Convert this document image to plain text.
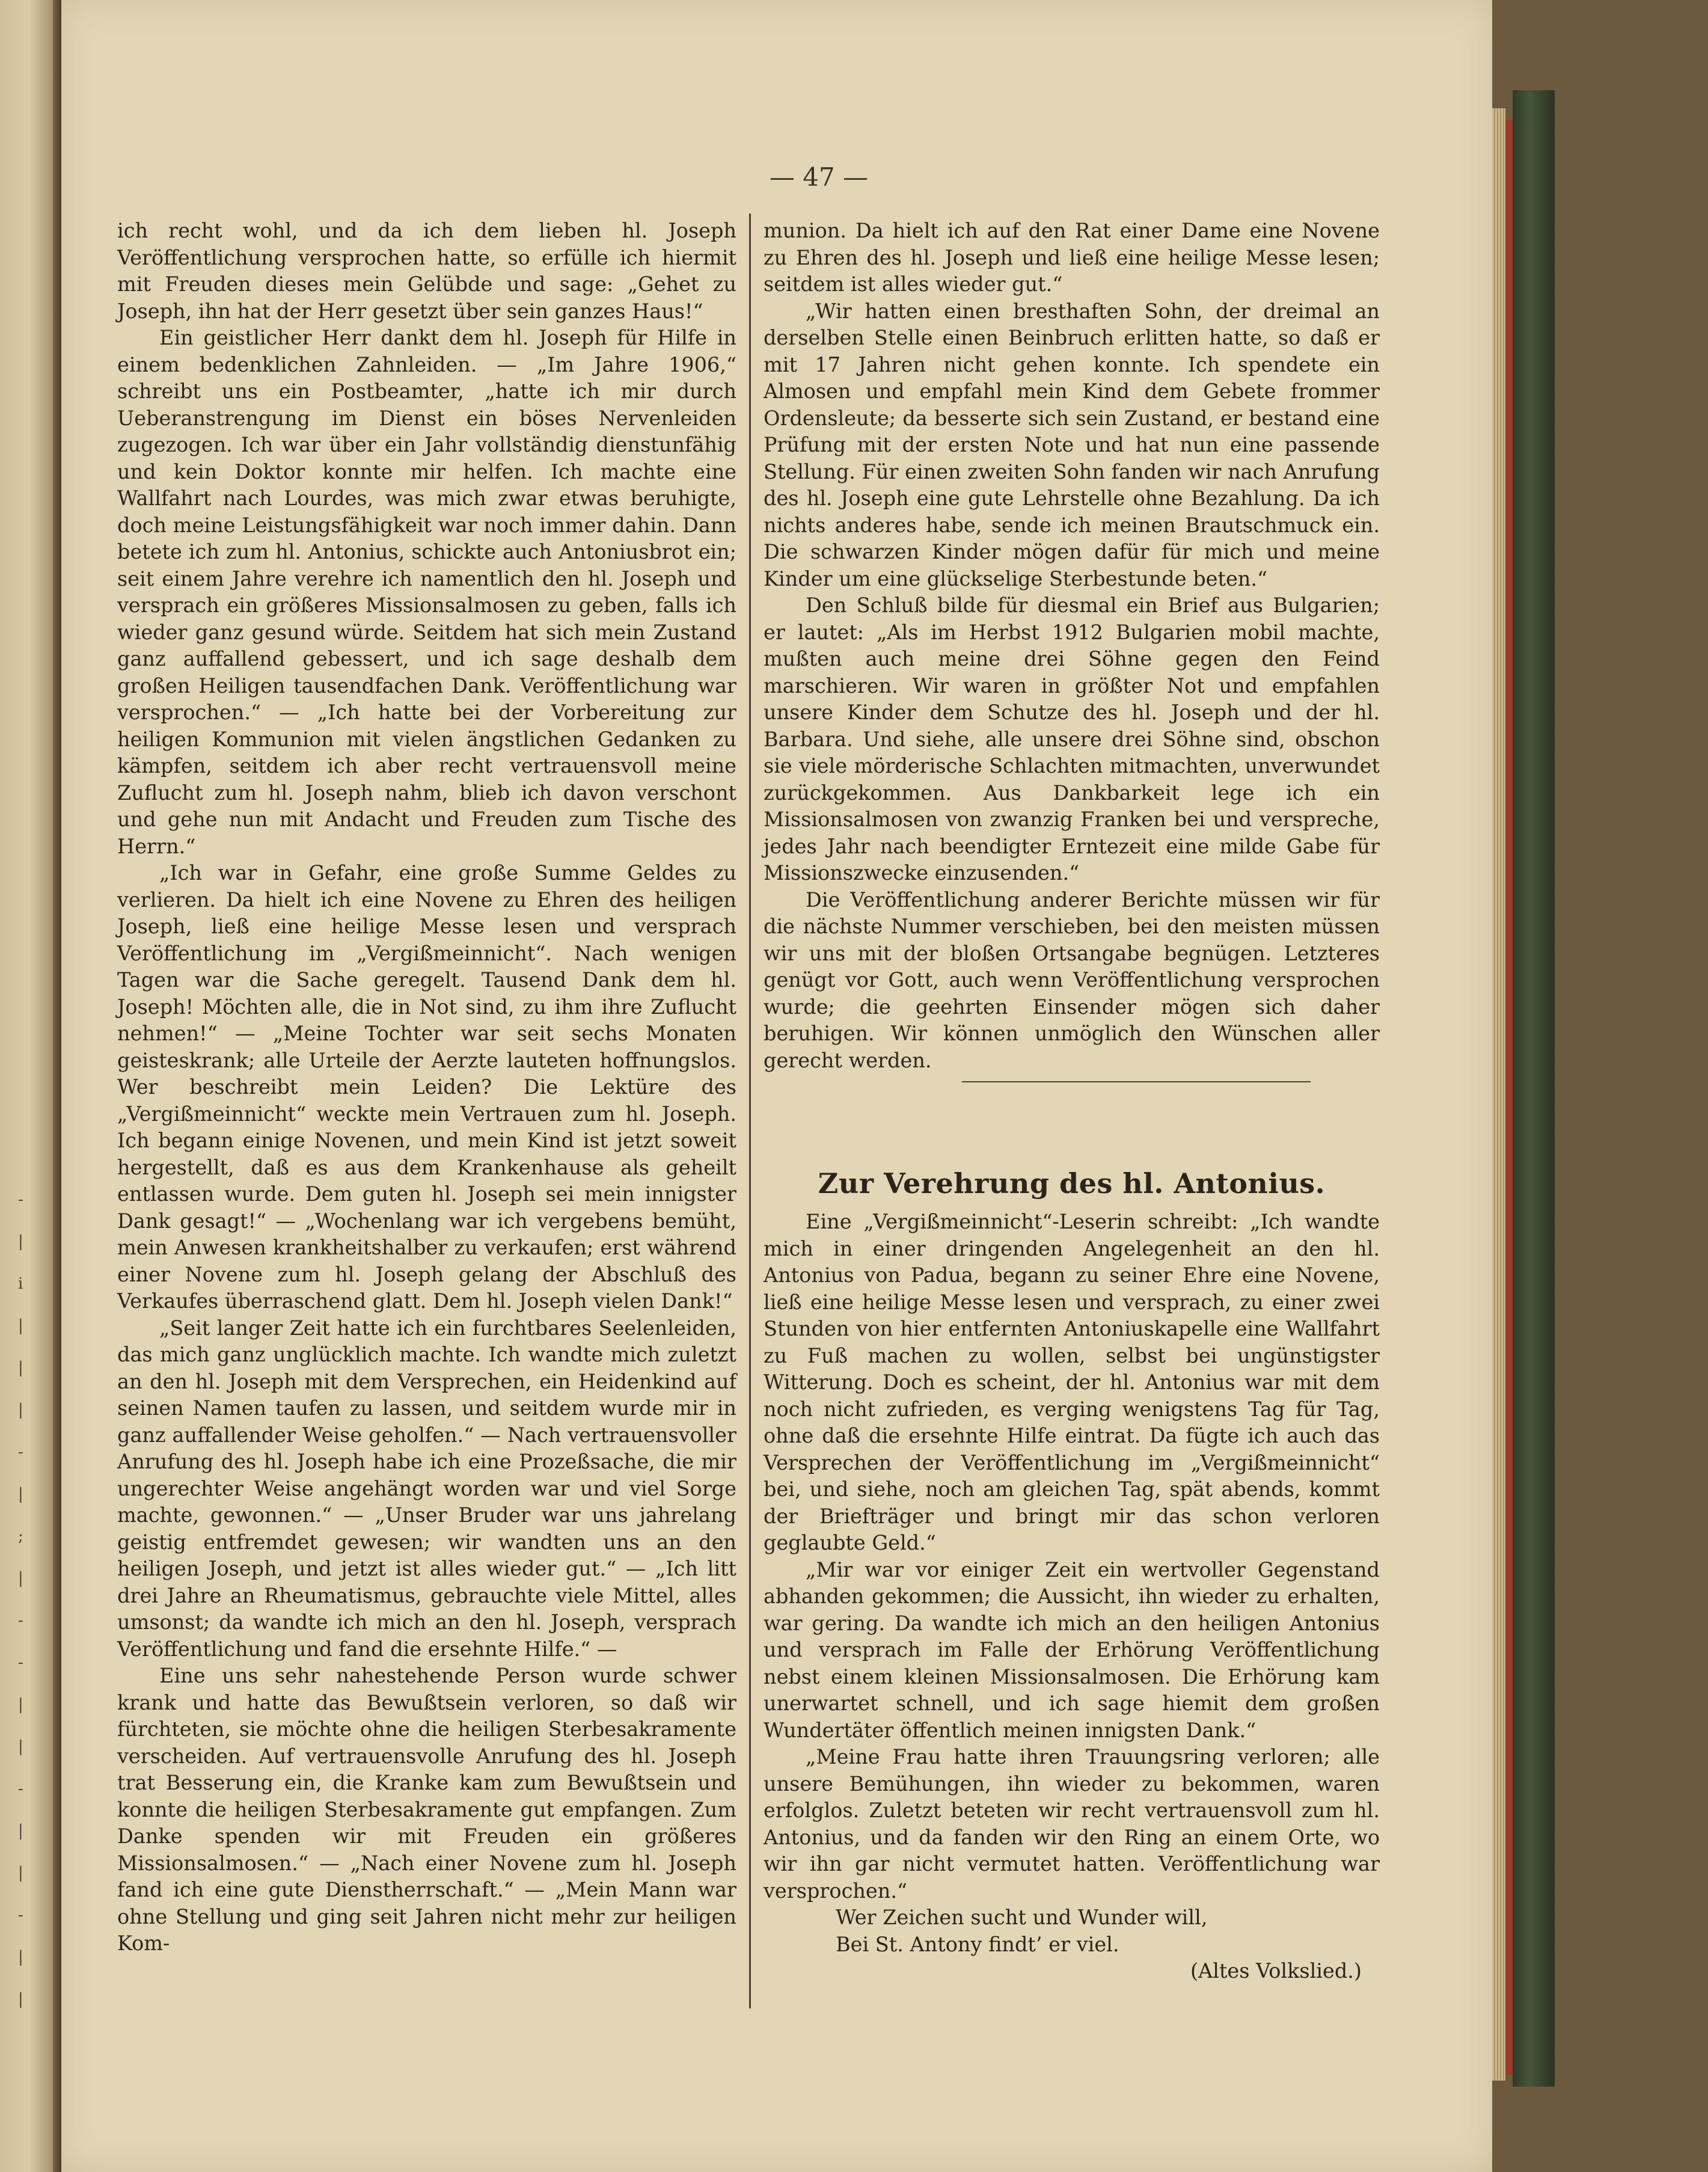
-
|
i
|
|
|
-
|
;
|
-
-
|
|
-
|
|
-
|
|
— 47 —

ich recht wohl, und da ich dem lieben hl. Joseph Veröffentlichung versprochen hatte, so erfülle ich hiermit mit Freuden dieses mein Gelübde und sage: „Gehet zu Joseph, ihn hat der Herr gesetzt über sein ganzes Haus!“

Ein geistlicher Herr dankt dem hl. Joseph für Hilfe in einem bedenklichen Zahnleiden. — „Im Jahre 1906,“ schreibt uns ein Postbeamter, „hatte ich mir durch Ueberanstrengung im Dienst ein böses Nervenleiden zugezogen. Ich war über ein Jahr vollständig dienstunfähig und kein Doktor konnte mir helfen. Ich machte eine Wallfahrt nach Lourdes, was mich zwar etwas beruhigte, doch meine Leistungsfähigkeit war noch immer dahin. Dann betete ich zum hl. Antonius, schickte auch Antoniusbrot ein; seit einem Jahre verehre ich namentlich den hl. Joseph und versprach ein größeres Missionsalmosen zu geben, falls ich wieder ganz gesund würde. Seitdem hat sich mein Zustand ganz auffallend gebessert, und ich sage deshalb dem großen Heiligen tausendfachen Dank. Veröffentlichung war versprochen.“ — „Ich hatte bei der Vorbereitung zur heiligen Kommunion mit vielen ängstlichen Gedanken zu kämpfen, seitdem ich aber recht vertrauensvoll meine Zuflucht zum hl. Joseph nahm, blieb ich davon verschont und gehe nun mit Andacht und Freuden zum Tische des Herrn.“

„Ich war in Gefahr, eine große Summe Geldes zu verlieren. Da hielt ich eine Novene zu Ehren des heiligen Joseph, ließ eine heilige Messe lesen und versprach Veröffentlichung im „Vergißmeinnicht“. Nach wenigen Tagen war die Sache geregelt. Tausend Dank dem hl. Joseph! Möchten alle, die in Not sind, zu ihm ihre Zuflucht nehmen!“ — „Meine Tochter war seit sechs Monaten geisteskrank; alle Urteile der Aerzte lauteten hoffnungslos. Wer beschreibt mein Leiden? Die Lektüre des „Vergißmeinnicht“ weckte mein Vertrauen zum hl. Joseph. Ich begann einige Novenen, und mein Kind ist jetzt soweit hergestellt, daß es aus dem Krankenhause als geheilt entlassen wurde. Dem guten hl. Joseph sei mein innigster Dank gesagt!“ — „Wochenlang war ich vergebens bemüht, mein Anwesen krankheitshalber zu verkaufen; erst während einer Novene zum hl. Joseph gelang der Abschluß des Verkaufes überraschend glatt. Dem hl. Joseph vielen Dank!“

„Seit langer Zeit hatte ich ein furchtbares Seelenleiden, das mich ganz unglücklich machte. Ich wandte mich zuletzt an den hl. Joseph mit dem Versprechen, ein Heidenkind auf seinen Namen taufen zu lassen, und seitdem wurde mir in ganz auffallender Weise geholfen.“ — Nach vertrauensvoller Anrufung des hl. Joseph habe ich eine Prozeßsache, die mir ungerechter Weise angehängt worden war und viel Sorge machte, gewonnen.“ — „Unser Bruder war uns jahrelang geistig entfremdet gewesen; wir wandten uns an den heiligen Joseph, und jetzt ist alles wieder gut.“ — „Ich litt drei Jahre an Rheumatismus, gebrauchte viele Mittel, alles umsonst; da wandte ich mich an den hl. Joseph, versprach Veröffentlichung und fand die ersehnte Hilfe.“ —

Eine uns sehr nahestehende Person wurde schwer krank und hatte das Bewußtsein verloren, so daß wir fürchteten, sie möchte ohne die heiligen Sterbesakramente verscheiden. Auf vertrauensvolle Anrufung des hl. Joseph trat Besserung ein, die Kranke kam zum Bewußtsein und konnte die heiligen Sterbesakramente gut empfangen. Zum Danke spenden wir mit Freuden ein größeres Missionsalmosen.“ — „Nach einer Novene zum hl. Joseph fand ich eine gute Dienstherrschaft.“ — „Mein Mann war ohne Stellung und ging seit Jahren nicht mehr zur heiligen Kom-

munion. Da hielt ich auf den Rat einer Dame eine Novene zu Ehren des hl. Joseph und ließ eine heilige Messe lesen; seitdem ist alles wieder gut.“

„Wir hatten einen bresthaften Sohn, der dreimal an derselben Stelle einen Beinbruch erlitten hatte, so daß er mit 17 Jahren nicht gehen konnte. Ich spendete ein Almosen und empfahl mein Kind dem Gebete frommer Ordensleute; da besserte sich sein Zustand, er bestand eine Prüfung mit der ersten Note und hat nun eine passende Stellung. Für einen zweiten Sohn fanden wir nach Anrufung des hl. Joseph eine gute Lehrstelle ohne Bezahlung. Da ich nichts anderes habe, sende ich meinen Brautschmuck ein. Die schwarzen Kinder mögen dafür für mich und meine Kinder um eine glückselige Sterbestunde beten.“

Den Schluß bilde für diesmal ein Brief aus Bulgarien; er lautet: „Als im Herbst 1912 Bulgarien mobil machte, mußten auch meine drei Söhne gegen den Feind marschieren. Wir waren in größter Not und empfahlen unsere Kinder dem Schutze des hl. Joseph und der hl. Barbara. Und siehe, alle unsere drei Söhne sind, obschon sie viele mörderische Schlachten mitmachten, unverwundet zurückgekommen. Aus Dankbarkeit lege ich ein Missionsalmosen von zwanzig Franken bei und verspreche, jedes Jahr nach beendigter Erntezeit eine milde Gabe für Missionszwecke einzusenden.“

Die Veröffentlichung anderer Berichte müssen wir für die nächste Nummer verschieben, bei den meisten müssen wir uns mit der bloßen Ortsangabe begnügen. Letzteres genügt vor Gott, auch wenn Veröffentlichung versprochen wurde; die geehrten Einsender mögen sich daher beruhigen. Wir können unmöglich den Wünschen aller gerecht werden.

Zur Verehrung des hl. Antonius.

Eine „Vergißmeinnicht“-Leserin schreibt: „Ich wandte mich in einer dringenden Angelegenheit an den hl. Antonius von Padua, begann zu seiner Ehre eine Novene, ließ eine heilige Messe lesen und versprach, zu einer zwei Stunden von hier entfernten Antoniuskapelle eine Wallfahrt zu Fuß machen zu wollen, selbst bei ungünstigster Witterung. Doch es scheint, der hl. Antonius war mit dem noch nicht zufrieden, es verging wenigstens Tag für Tag, ohne daß die ersehnte Hilfe eintrat. Da fügte ich auch das Versprechen der Veröffentlichung im „Vergißmeinnicht“ bei, und siehe, noch am gleichen Tag, spät abends, kommt der Briefträger und bringt mir das schon verloren geglaubte Geld.“

„Mir war vor einiger Zeit ein wertvoller Gegenstand abhanden gekommen; die Aussicht, ihn wieder zu erhalten, war gering. Da wandte ich mich an den heiligen Antonius und versprach im Falle der Erhörung Veröffentlichung nebst einem kleinen Missionsalmosen. Die Erhörung kam unerwartet schnell, und ich sage hiemit dem großen Wundertäter öffentlich meinen innigsten Dank.“

„Meine Frau hatte ihren Trauungsring verloren; alle unsere Bemühungen, ihn wieder zu bekommen, waren erfolglos. Zuletzt beteten wir recht vertrauensvoll zum hl. Antonius, und da fanden wir den Ring an einem Orte, wo wir ihn gar nicht vermutet hatten. Veröffentlichung war versprochen.“

Wer Zeichen sucht und Wunder will,

Bei St. Antony findt’ er viel.

(Altes Volkslied.)
